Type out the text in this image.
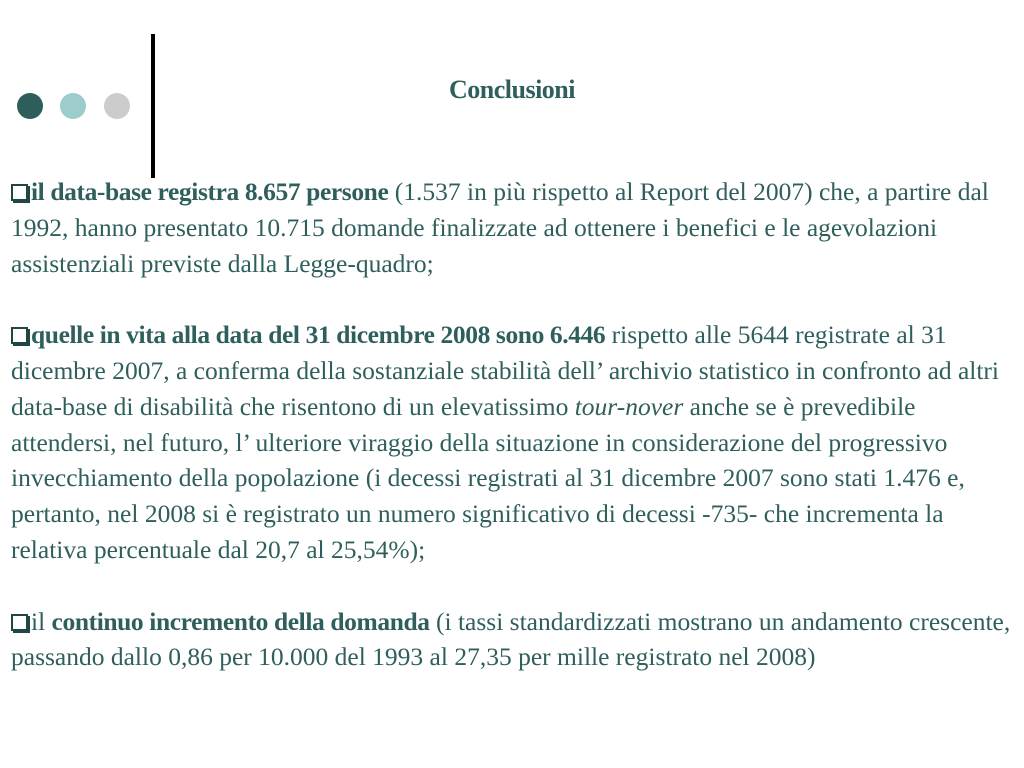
Conclusioni

il data-base registra 8.657 persone (1.537 in più rispetto al Report del 2007) che, a partire dal 1992, hanno presentato 10.715 domande finalizzate ad ottenere i benefici e le agevolazioni assistenziali previste dalla Legge-quadro;

quelle in vita alla data del 31 dicembre 2008 sono 6.446 rispetto alle 5644 registrate al 31 dicembre 2007, a conferma della sostanziale stabilità dell’ archivio statistico in confronto ad altri data-base di disabilità che risentono di un elevatissimo tour-nover anche se è prevedibile attendersi, nel futuro, l’ ulteriore viraggio della situazione in considerazione del progressivo invecchiamento della popolazione (i decessi registrati al 31 dicembre 2007 sono stati 1.476 e, pertanto, nel 2008 si è registrato un numero significativo di decessi -735- che incrementa la relativa percentuale dal 20,7 al 25,54%);

il continuo incremento della domanda (i tassi standardizzati mostrano un andamento crescente, passando dallo 0,86 per 10.000 del 1993 al 27,35 per mille registrato nel 2008)
